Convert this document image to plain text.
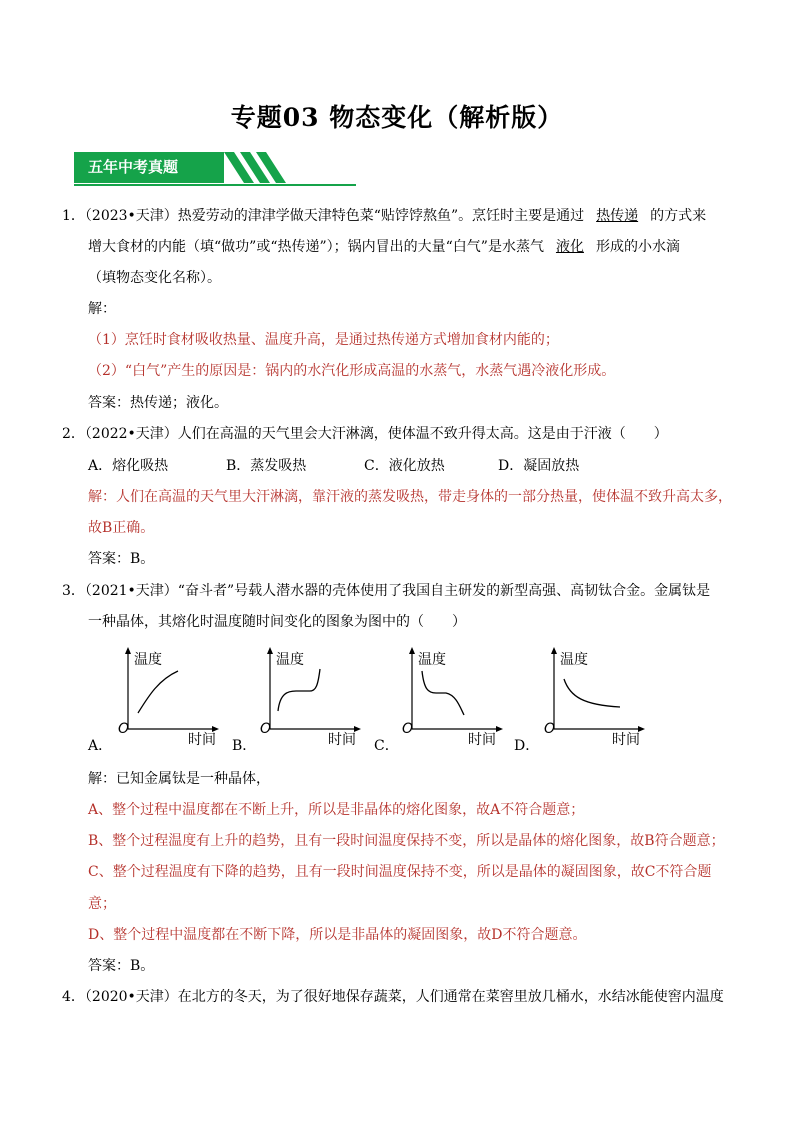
专题03 物态变化（解析版）
五年中考真题
1．（2023•天津）热爱劳动的津津学做天津特色菜“贴饽饽熬鱼”。烹饪时主要是通过 热传递 的方式来
增大食材的内能（填“做功”或“热传递”）；锅内冒出的大量“白气”是水蒸气 液化 形成的小水滴
（填物态变化名称）。
解：
（1）烹饪时食材吸收热量、温度升高，是通过热传递方式增加食材内能的；
（2）“白气”产生的原因是：锅内的水汽化形成高温的水蒸气，水蒸气遇冷液化形成。
答案：热传递；液化。
2．（2022•天津）人们在高温的天气里会大汗淋漓，使体温不致升得太高。这是由于汗液（　　）
A．熔化吸热	B．蒸发吸热	C．液化放热	D．凝固放热
解：人们在高温的天气里大汗淋漓，靠汗液的蒸发吸热，带走身体的一部分热量，使体温不致升高太多，
故B正确。
答案：B。
3．（2021•天津）“奋斗者”号载人潜水器的壳体使用了我国自主研发的新型高强、高韧钛合金。金属钛是
一种晶体，其熔化时温度随时间变化的图象为图中的（　　）
A．
温度
O
时间 B．
温度
O
时间 C．
温度
O
时间 D．
温度
O
时间
解：已知金属钛是一种晶体，
A、整个过程中温度都在不断上升，所以是非晶体的熔化图象，故A不符合题意；
B、整个过程温度有上升的趋势，且有一段时间温度保持不变，所以是晶体的熔化图象，故B符合题意；
C、整个过程温度有下降的趋势，且有一段时间温度保持不变，所以是晶体的凝固图象，故C不符合题
意；
D、整个过程中温度都在不断下降，所以是非晶体的凝固图象，故D不符合题意。
答案：B。
4．（2020•天津）在北方的冬天，为了很好地保存蔬菜，人们通常在菜窖里放几桶水，水结冰能使窖内温度
